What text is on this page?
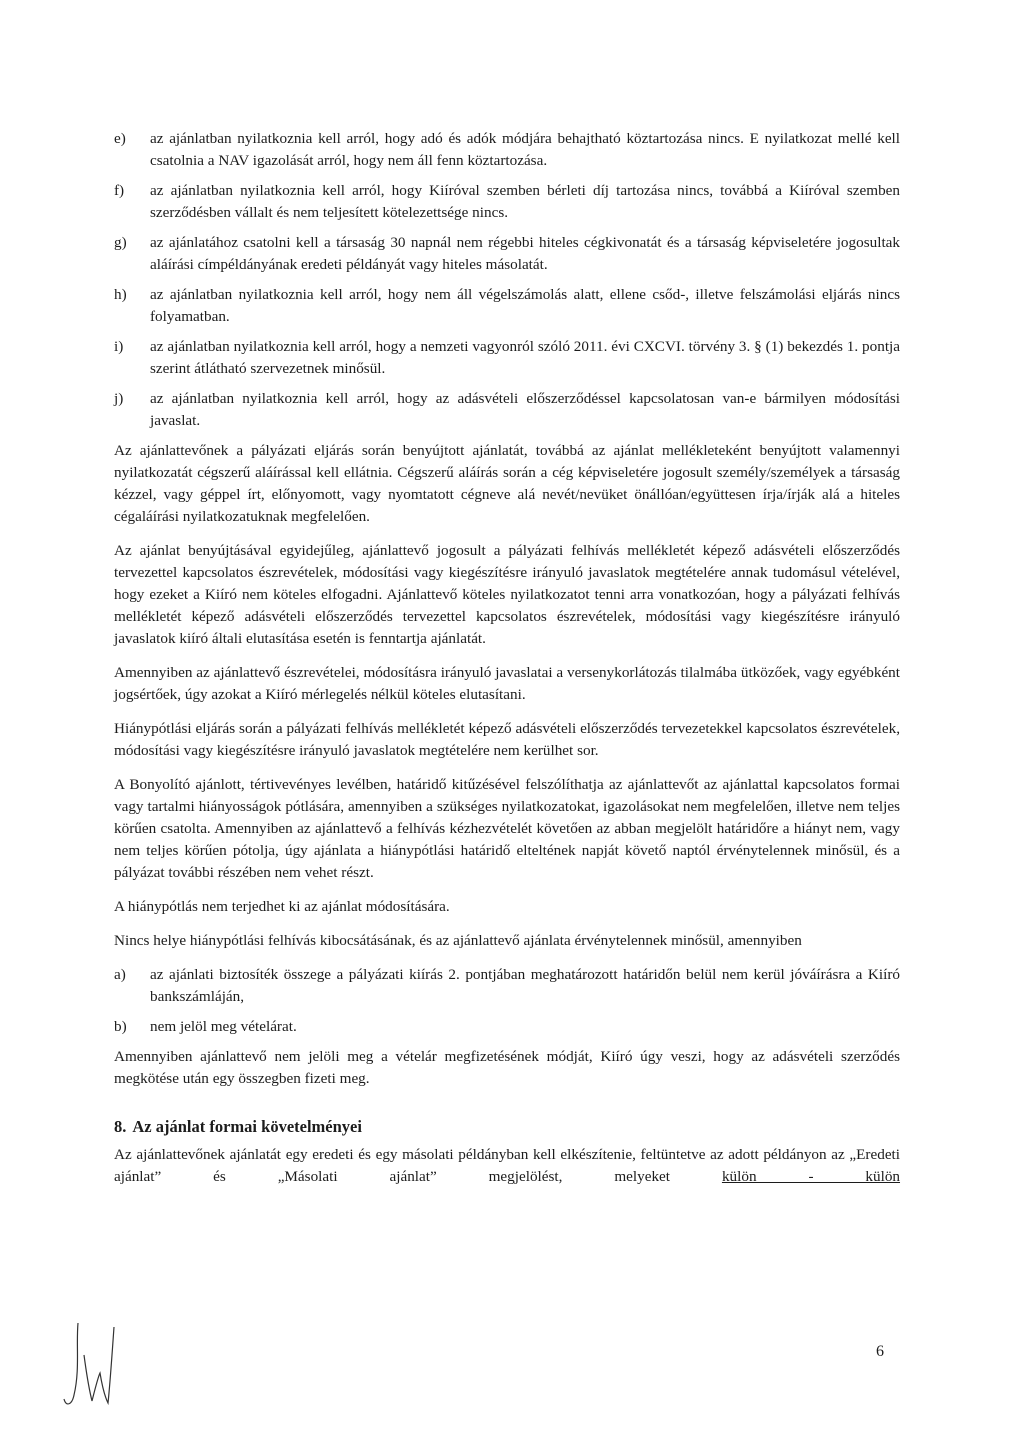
e) az ajánlatban nyilatkoznia kell arról, hogy adó és adók módjára behajtható köztartozása nincs. E nyilatkozat mellé kell csatolnia a NAV igazolását arról, hogy nem áll fenn köztartozása.
f) az ajánlatban nyilatkoznia kell arról, hogy Kiíróval szemben bérleti díj tartozása nincs, továbbá a Kiíróval szemben szerződésben vállalt és nem teljesített kötelezettsége nincs.
g) az ajánlatához csatolni kell a társaság 30 napnál nem régebbi hiteles cégkivonatát és a társaság képviseletére jogosultak aláírási címpéldányának eredeti példányát vagy hiteles másolatát.
h) az ajánlatban nyilatkoznia kell arról, hogy nem áll végelszámolás alatt, ellene csőd-, illetve felszámolási eljárás nincs folyamatban.
i) az ajánlatban nyilatkoznia kell arról, hogy a nemzeti vagyonról szóló 2011. évi CXCVI. törvény 3. § (1) bekezdés 1. pontja szerint átlátható szervezetnek minősül.
j) az ajánlatban nyilatkoznia kell arról, hogy az adásvételi előszerződéssel kapcsolatosan van-e bármilyen módosítási javaslat.

Az ajánlattevőnek a pályázati eljárás során benyújtott ajánlatát, továbbá az ajánlat mellékleteként benyújtott valamennyi nyilatkozatát cégszerű aláírással kell ellátnia. Cégszerű aláírás során a cég képviseletére jogosult személy/személyek a társaság kézzel, vagy géppel írt, előnyomott, vagy nyomtatott cégneve alá nevét/nevüket önállóan/együttesen írja/írják alá a hiteles cégaláírási nyilatkozatuknak megfelelően.

Az ajánlat benyújtásával egyidejűleg, ajánlattevő jogosult a pályázati felhívás mellékletét képező adásvételi előszerződés tervezettel kapcsolatos észrevételek, módosítási vagy kiegészítésre irányuló javaslatok megtételére annak tudomásul vételével, hogy ezeket a Kiíró nem köteles elfogadni. Ajánlattevő köteles nyilatkozatot tenni arra vonatkozóan, hogy a pályázati felhívás mellékletét képező adásvételi előszerződés tervezettel kapcsolatos észrevételek, módosítási vagy kiegészítésre irányuló javaslatok kiíró általi elutasítása esetén is fenntartja ajánlatát.

Amennyiben az ajánlattevő észrevételei, módosításra irányuló javaslatai a versenykorlátozás tilalmába ütközőek, vagy egyébként jogsértőek, úgy azokat a Kiíró mérlegelés nélkül köteles elutasítani.

Hiánypótlási eljárás során a pályázati felhívás mellékletét képező adásvételi előszerződés tervezetekkel kapcsolatos észrevételek, módosítási vagy kiegészítésre irányuló javaslatok megtételére nem kerülhet sor.

A Bonyolító ajánlott, tértivevényes levélben, határidő kitűzésével felszólíthatja az ajánlattevőt az ajánlattal kapcsolatos formai vagy tartalmi hiányosságok pótlására, amennyiben a szükséges nyilatkozatokat, igazolásokat nem megfelelően, illetve nem teljes körűen csatolta. Amennyiben az ajánlattevő a felhívás kézhezvételét követően az abban megjelölt határidőre a hiányt nem, vagy nem teljes körűen pótolja, úgy ajánlata a hiánypótlási határidő elteltének napját követő naptól érvénytelennek minősül, és a pályázat további részében nem vehet részt.

A hiánypótlás nem terjedhet ki az ajánlat módosítására.

Nincs helye hiánypótlási felhívás kibocsátásának, és az ajánlattevő ajánlata érvénytelennek minősül, amennyiben

a) az ajánlati biztosíték összege a pályázati kiírás 2. pontjában meghatározott határidőn belül nem kerül jóváírásra a Kiíró bankszámláján,
b) nem jelöl meg vételárat.

Amennyiben ajánlattevő nem jelöli meg a vételár megfizetésének módját, Kiíró úgy veszi, hogy az adásvételi szerződés megkötése után egy összegben fizeti meg.

8. Az ajánlat formai követelményei

Az ajánlattevőnek ajánlatát egy eredeti és egy másolati példányban kell elkészítenie, feltüntetve az adott példányon az „Eredeti ajánlat” és „Másolati ajánlat” megjelölést, melyeket	külön - külön

6
